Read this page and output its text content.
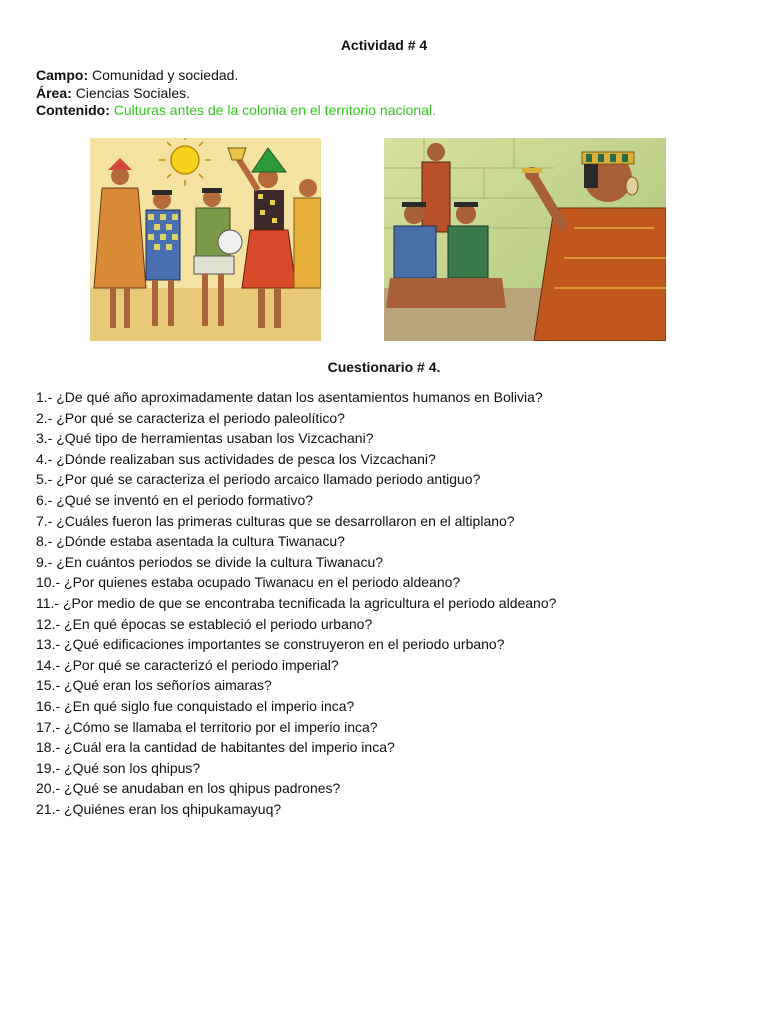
Actividad # 4
Campo: Comunidad y sociedad.
Área: Ciencias Sociales.
Contenido: Culturas antes de la colonia en el territorio nacional.
Cuestionario # 4.
1.- ¿De qué año aproximadamente datan los asentamientos humanos en Bolivia?
2.- ¿Por qué se caracteriza el periodo paleolítico?
3.- ¿Qué tipo de herramientas usaban los Vizcachani?
4.- ¿Dónde realizaban sus actividades de pesca los Vizcachani?
5.- ¿Por qué se caracteriza el periodo arcaico llamado periodo antiguo?
6.- ¿Qué se inventó en el periodo formativo?
7.- ¿Cuáles fueron las primeras culturas que se desarrollaron en el altiplano?
8.- ¿Dónde estaba asentada la cultura Tiwanacu?
9.- ¿En cuántos periodos se divide la cultura Tiwanacu?
10.- ¿Por quienes estaba ocupado Tiwanacu en el periodo aldeano?
11.- ¿Por medio de que se encontraba tecnificada la agricultura el periodo aldeano?
12.- ¿En qué épocas se estableció el periodo urbano?
13.- ¿Qué edificaciones importantes se construyeron en el periodo urbano?
14.- ¿Por qué se caracterizó el periodo imperial?
15.- ¿Qué eran los señoríos aimaras?
16.- ¿En qué siglo fue conquistado el imperio inca?
17.- ¿Cómo se llamaba el territorio por el imperio inca?
18.- ¿Cuál era la cantidad de habitantes del imperio inca?
19.- ¿Qué son los qhipus?
20.- ¿Qué se anudaban en los qhipus padrones?
21.- ¿Quiénes eran los qhipukamayuq?
